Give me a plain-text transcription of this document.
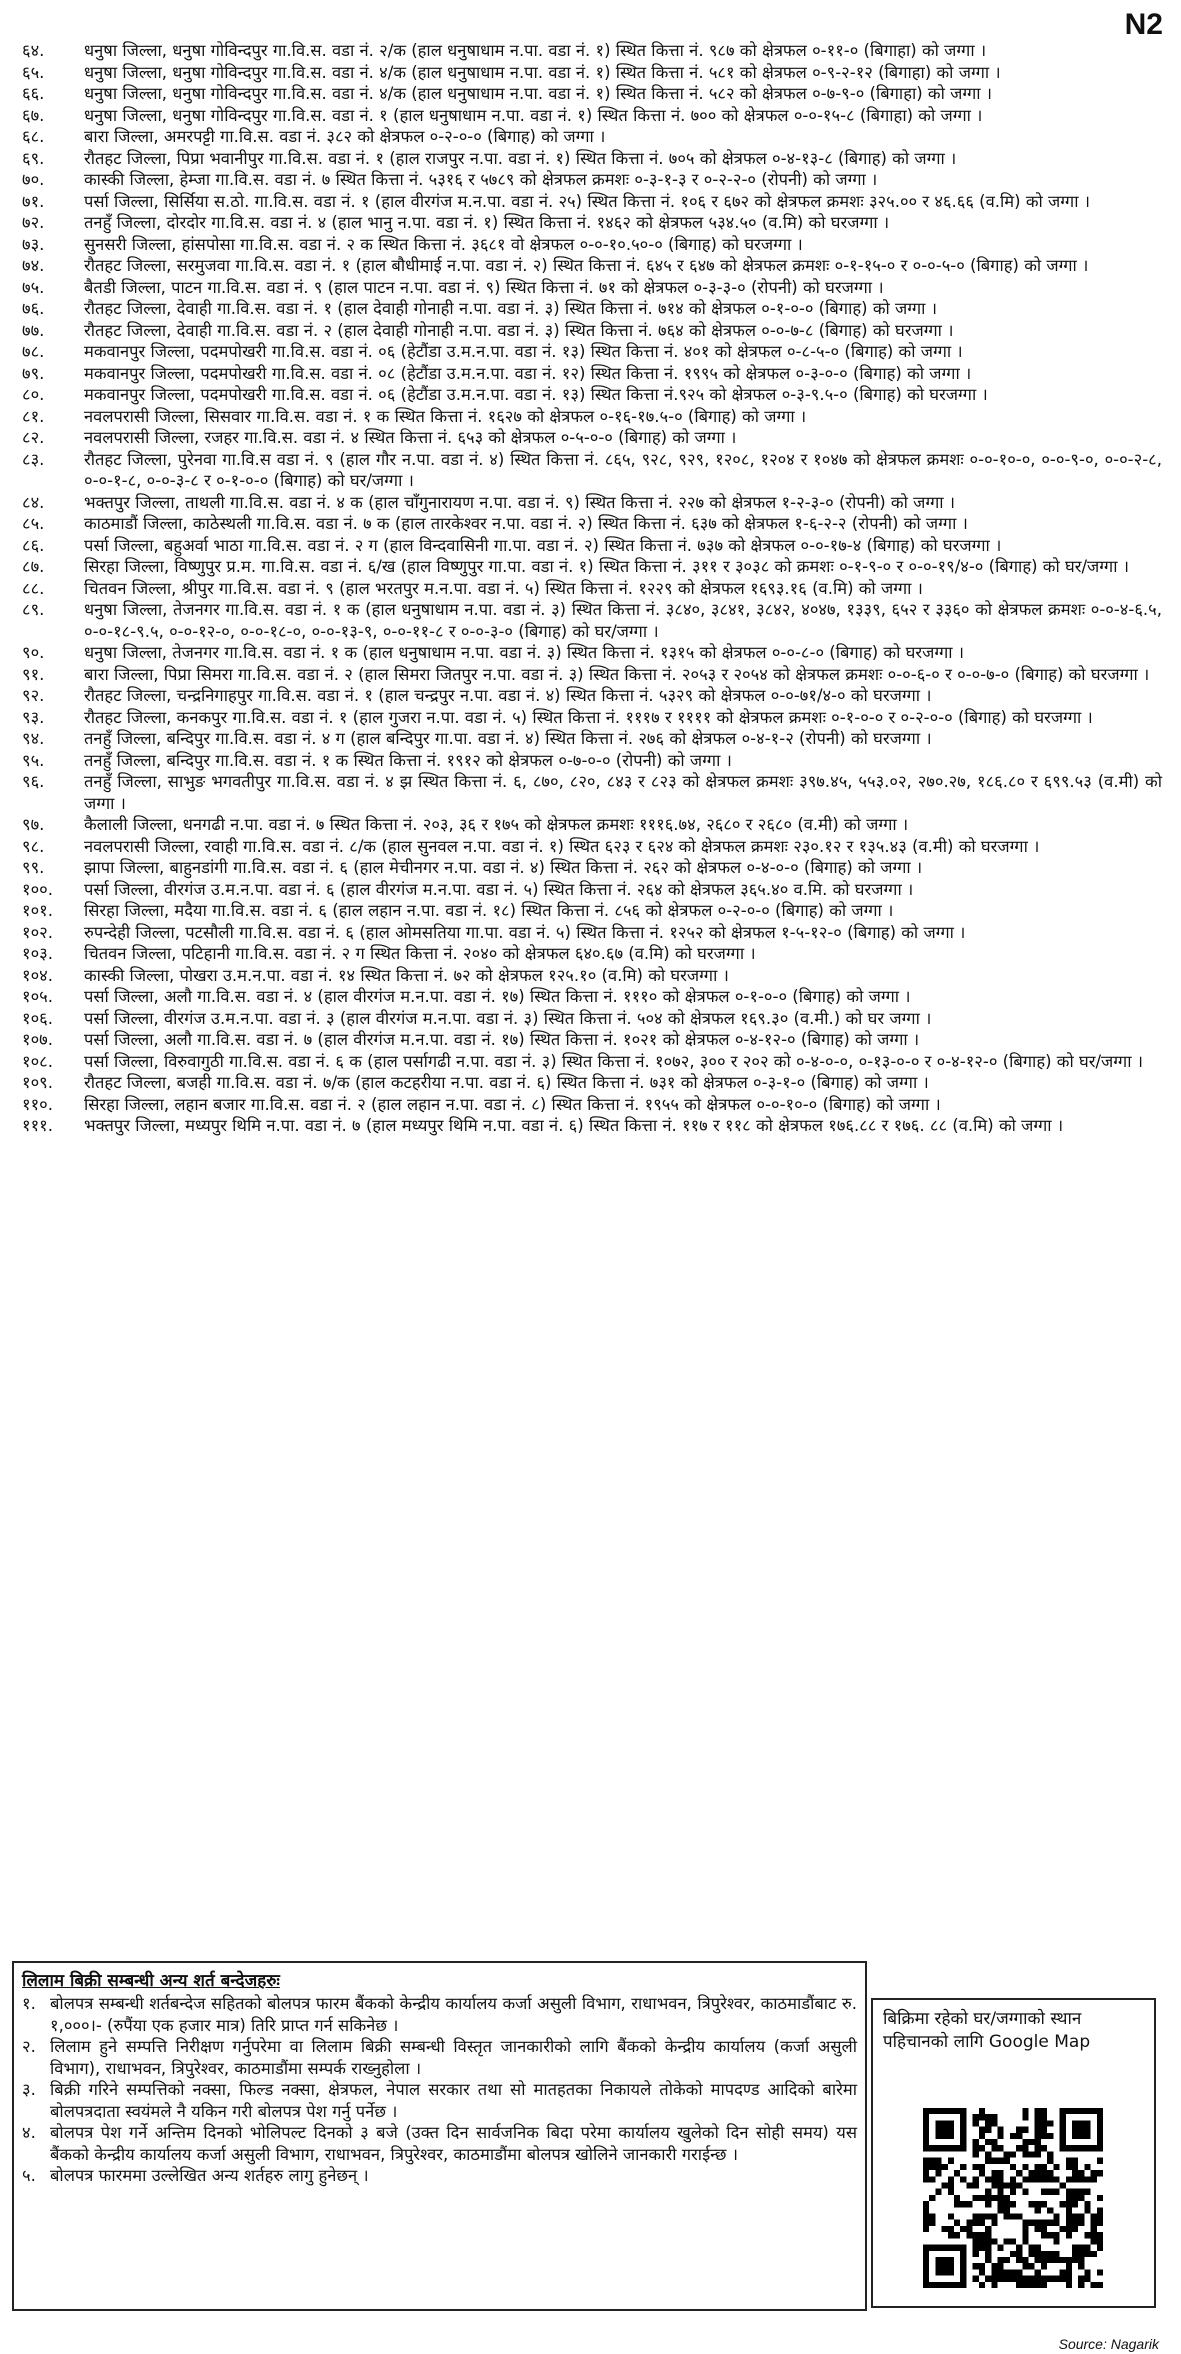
N2
६४.	धनुषा जिल्ला, धनुषा गोविन्दपुर गा.वि.स. वडा नं. २/क (हाल धनुषाधाम न.पा. वडा नं. १) स्थित कित्ता नं. ९८७ को क्षेत्रफल ०-११-० (बिगाहा) को जग्गा ।
६५.	धनुषा जिल्ला, धनुषा गोविन्दपुर गा.वि.स. वडा नं. ४/क (हाल धनुषाधाम न.पा. वडा नं. १) स्थित कित्ता नं. ५८१ को क्षेत्रफल ०-९-२-१२ (बिगाहा) को जग्गा ।
६६.	धनुषा जिल्ला, धनुषा गोविन्दपुर गा.वि.स. वडा नं. ४/क (हाल धनुषाधाम न.पा. वडा नं. १) स्थित कित्ता नं. ५८२ को क्षेत्रफल ०-७-९-० (बिगाहा) को जग्गा ।
६७.	धनुषा जिल्ला, धनुषा गोविन्दपुर गा.वि.स. वडा नं. १ (हाल धनुषाधाम न.पा. वडा नं. १) स्थित कित्ता नं. ७०० को क्षेत्रफल ०-०-१५-८ (बिगाहा) को जग्गा ।
६८.	बारा जिल्ला, अमरपट्टी गा.वि.स. वडा नं. ३८२ को क्षेत्रफल ०-२-०-० (बिगाह) को जग्गा ।
६९.	रौतहट जिल्ला, पिप्रा भवानीपुर गा.वि.स. वडा नं. १ (हाल राजपुर न.पा. वडा नं. १) स्थित कित्ता नं. ७०५ को क्षेत्रफल ०-४-१३-८ (बिगाह) को जग्गा ।
७०.	कास्की जिल्ला, हेम्जा गा.वि.स. वडा नं. ७ स्थित कित्ता नं. ५३१६ र ५७८९ को क्षेत्रफल क्रमशः ०-३-१-३ र ०-२-२-० (रोपनी) को जग्गा ।
७१.	पर्सा जिल्ला, सिर्सिया स.ठो. गा.वि.स. वडा नं. १ (हाल वीरगंज म.न.पा. वडा नं. २५) स्थित कित्ता नं. १०६ र ६७२ को क्षेत्रफल क्रमशः ३२५.०० र ४६.६६ (व.मि) को जग्गा ।
७२.	तनहुँ जिल्ला, दोरदोर गा.वि.स. वडा नं. ४ (हाल भानु न.पा. वडा नं. १) स्थित कित्ता नं. १४६२ को क्षेत्रफल ५३४.५० (व.मि) को घरजग्गा ।
७३.	सुनसरी जिल्ला, हांसपोसा गा.वि.स. वडा नं. २ क स्थित कित्ता नं. ३६८१ वो क्षेत्रफल ०-०-१०.५०-० (बिगाह) को घरजग्गा ।
७४.	रौतहट जिल्ला, सरमुजवा गा.वि.स. वडा नं. १ (हाल बौधीमाई न.पा. वडा नं. २) स्थित कित्ता नं. ६४५ र ६४७ को क्षेत्रफल क्रमशः ०-१-१५-० र ०-०-५-० (बिगाह) को जग्गा ।
७५.	बैतडी जिल्ला, पाटन गा.वि.स. वडा नं. ९ (हाल पाटन न.पा. वडा नं. ९) स्थित कित्ता नं. ७१ को क्षेत्रफल ०-३-३-० (रोपनी) को घरजग्गा ।
७६.	रौतहट जिल्ला, देवाही गा.वि.स. वडा नं. १ (हाल देवाही गोनाही न.पा. वडा नं. ३) स्थित कित्ता नं. ७१४ को क्षेत्रफल ०-१-०-० (बिगाह) को जग्गा ।
७७.	रौतहट जिल्ला, देवाही गा.वि.स. वडा नं. २ (हाल देवाही गोनाही न.पा. वडा नं. ३) स्थित कित्ता नं. ७६४ को क्षेत्रफल ०-०-७-८ (बिगाह) को घरजग्गा ।
७८.	मकवानपुर जिल्ला, पदमपोखरी गा.वि.स. वडा नं. ०६ (हेटौंडा उ.म.न.पा. वडा नं. १३) स्थित कित्ता नं. ४०१ को क्षेत्रफल ०-८-५-० (बिगाह) को जग्गा ।
७९.	मकवानपुर जिल्ला, पदमपोखरी गा.वि.स. वडा नं. ०८ (हेटौंडा उ.म.न.पा. वडा नं. १२) स्थित कित्ता नं. १९९५ को क्षेत्रफल ०-३-०-० (बिगाह) को जग्गा ।
८०.	मकवानपुर जिल्ला, पदमपोखरी गा.वि.स. वडा नं. ०६ (हेटौंडा उ.म.न.पा. वडा नं. १३) स्थित कित्ता नं.९२५ को क्षेत्रफल ०-३-९.५-० (बिगाह) को घरजग्गा ।
८१.	नवलपरासी जिल्ला, सिसवार गा.वि.स. वडा नं. १ क स्थित कित्ता नं. १६२७ को क्षेत्रफल ०-१६-१७.५-० (बिगाह) को जग्गा ।
८२.	नवलपरासी जिल्ला, रजहर गा.वि.स. वडा नं. ४ स्थित कित्ता नं. ६५३ को क्षेत्रफल ०-५-०-० (बिगाह) को जग्गा ।
८३.	रौतहट जिल्ला, पुरेनवा गा.वि.स वडा नं. ९ (हाल गौर न.पा. वडा नं. ४) स्थित कित्ता नं. ८६५, ९२८, ९२९, १२०८, १२०४ र १०४७ को क्षेत्रफल क्रमशः ०-०-१०-०, ०-०-९-०, ०-०-२-८, ०-०-१-८, ०-०-३-८ र ०-१-०-० (बिगाह) को घर/जग्गा ।
८४.	भक्तपुर जिल्ला, ताथली गा.वि.स. वडा नं. ४ क (हाल चाँगुनारायण न.पा. वडा नं. ९) स्थित कित्ता नं. २२७ को क्षेत्रफल १-२-३-० (रोपनी) को जग्गा ।
८५.	काठमाडौं जिल्ला, काठेस्थली गा.वि.स. वडा नं. ७ क (हाल तारकेश्वर न.पा. वडा नं. २) स्थित कित्ता नं. ६३७ को क्षेत्रफल १-६-२-२ (रोपनी) को जग्गा ।
८६.	पर्सा जिल्ला, बहुअर्वा भाठा गा.वि.स. वडा नं. २ ग (हाल विन्दवासिनी गा.पा. वडा नं. २) स्थित कित्ता नं. ७३७ को क्षेत्रफल ०-०-१७-४ (बिगाह) को घरजग्गा ।
८७.	सिरहा जिल्ला, विष्णुपुर प्र.म. गा.वि.स. वडा नं. ६/ख (हाल विष्णुपुर गा.पा. वडा नं. १) स्थित कित्ता नं. ३११ र ३०३८ को क्रमशः ०-१-९-० र ०-०-१९/४-० (बिगाह) को घर/जग्गा ।
८८.	चितवन जिल्ला, श्रीपुर गा.वि.स. वडा नं. ९ (हाल भरतपुर म.न.पा. वडा नं. ५) स्थित कित्ता नं. १२२९ को क्षेत्रफल १६९३.१६ (व.मि) को जग्गा ।
८९.	धनुषा जिल्ला, तेजनगर गा.वि.स. वडा नं. १ क (हाल धनुषाधाम न.पा. वडा नं. ३) स्थित कित्ता नं. ३८४०, ३८४१, ३८४२, ४०४७, १३३९, ६५२ र ३३६० को क्षेत्रफल क्रमशः ०-०-४-६.५, ०-०-१८-९.५, ०-०-१२-०, ०-०-१८-०, ०-०-१३-९, ०-०-११-८ र ०-०-३-० (बिगाह) को घर/जग्गा ।
९०.	धनुषा जिल्ला, तेजनगर गा.वि.स. वडा नं. १ क (हाल धनुषाधाम न.पा. वडा नं. ३) स्थित कित्ता नं. १३१५ को क्षेत्रफल ०-०-८-० (बिगाह) को घरजग्गा ।
९१.	बारा जिल्ला, पिप्रा सिमरा गा.वि.स. वडा नं. २ (हाल सिमरा जितपुर न.पा. वडा नं. ३) स्थित कित्ता नं. २०५३ र २०५४ को क्षेत्रफल क्रमशः ०-०-६-० र ०-०-७-० (बिगाह) को घरजग्गा ।
९२.	रौतहट जिल्ला, चन्द्रनिगाहपुर गा.वि.स. वडा नं. १ (हाल चन्द्रपुर न.पा. वडा नं. ४) स्थित कित्ता नं. ५३२९ को क्षेत्रफल ०-०-७१/४-० को घरजग्गा ।
९३.	रौतहट जिल्ला, कनकपुर गा.वि.स. वडा नं. १ (हाल गुजरा न.पा. वडा नं. ५) स्थित कित्ता नं. १११७ र ११११ को क्षेत्रफल क्रमशः ०-१-०-० र ०-२-०-० (बिगाह) को घरजग्गा ।
९४.	तनहुँ जिल्ला, बन्दिपुर गा.वि.स. वडा नं. ४ ग (हाल बन्दिपुर गा.पा. वडा नं. ४) स्थित कित्ता नं. २७६ को क्षेत्रफल ०-४-१-२ (रोपनी) को घरजग्गा ।
९५.	तनहुँ जिल्ला, बन्दिपुर गा.वि.स. वडा नं. १ क स्थित कित्ता नं. १९१२ को क्षेत्रफल ०-७-०-० (रोपनी) को जग्गा ।
९६.	तनहुँ जिल्ला, साभुङ भगवतीपुर गा.वि.स. वडा नं. ४ झ स्थित कित्ता नं. ६, ८७०, ८२०, ८४३ र ८२३ को क्षेत्रफल क्रमशः ३९७.४५, ५५३.०२, २७०.२७, १८६.८० र ६९९.५३ (व.मी) को जग्गा ।
९७.	कैलाली जिल्ला, धनगढी न.पा. वडा नं. ७ स्थित कित्ता नं. २०३, ३६ र १७५ को क्षेत्रफल क्रमशः १११६.७४, २६८० र २६८० (व.मी) को जग्गा ।
९८.	नवलपरासी जिल्ला, रवाही गा.वि.स. वडा नं. ८/क (हाल सुनवल न.पा. वडा नं. १) स्थित ६२३ र ६२४ को क्षेत्रफल क्रमशः २३०.१२ र १३५.४३ (व.मी) को घरजग्गा ।
९९.	झापा जिल्ला, बाहुनडांगी गा.वि.स. वडा नं. ६ (हाल मेचीनगर न.पा. वडा नं. ४) स्थित कित्ता नं. २६२ को क्षेत्रफल ०-४-०-० (बिगाह) को जग्गा ।
१००.	पर्सा जिल्ला, वीरगंज उ.म.न.पा. वडा नं. ६ (हाल वीरगंज म.न.पा. वडा नं. ५) स्थित कित्ता नं. २६४ को क्षेत्रफल ३६५.४० व.मि. को घरजग्गा ।
१०१.	सिरहा जिल्ला, मदैया गा.वि.स. वडा नं. ६ (हाल लहान न.पा. वडा नं. १८) स्थित कित्ता नं. ८५६ को क्षेत्रफल ०-२-०-० (बिगाह) को जग्गा ।
१०२.	रुपन्देही जिल्ला, पटसौली गा.वि.स. वडा नं. ६ (हाल ओमसतिया गा.पा. वडा नं. ५) स्थित कित्ता नं. १२५२ को क्षेत्रफल १-५-१२-० (बिगाह) को जग्गा ।
१०३.	चितवन जिल्ला, पटिहानी गा.वि.स. वडा नं. २ ग स्थित कित्ता नं. २०४० को क्षेत्रफल ६४०.६७ (व.मि) को घरजग्गा ।
१०४.	कास्की जिल्ला, पोखरा उ.म.न.पा. वडा नं. १४ स्थित कित्ता नं. ७२ को क्षेत्रफल १२५.१० (व.मि) को घरजग्गा ।
१०५.	पर्सा जिल्ला, अलौ गा.वि.स. वडा नं. ४ (हाल वीरगंज म.न.पा. वडा नं. १७) स्थित कित्ता नं. १११० को क्षेत्रफल ०-१-०-० (बिगाह) को जग्गा ।
१०६.	पर्सा जिल्ला, वीरगंज उ.म.न.पा. वडा नं. ३ (हाल वीरगंज म.न.पा. वडा नं. ३) स्थित कित्ता नं. ५०४ को क्षेत्रफल १६९.३० (व.मी.) को घर जग्गा ।
१०७.	पर्सा जिल्ला, अलौ गा.वि.स. वडा नं. ७ (हाल वीरगंज म.न.पा. वडा नं. १७) स्थित कित्ता नं. १०२१ को क्षेत्रफल ०-४-१२-० (बिगाह) को जग्गा ।
१०८.	पर्सा जिल्ला, विरुवागुठी गा.वि.स. वडा नं. ६ क (हाल पर्सागढी न.पा. वडा नं. ३) स्थित कित्ता नं. १०७२, ३०० र २०२ को ०-४-०-०, ०-१३-०-० र ०-४-१२-० (बिगाह) को घर/जग्गा ।
१०९.	रौतहट जिल्ला, बजही गा.वि.स. वडा नं. ७/क (हाल कटहरीया न.पा. वडा नं. ६) स्थित कित्ता नं. ७३१ को क्षेत्रफल ०-३-१-० (बिगाह) को जग्गा ।
११०.	सिरहा जिल्ला, लहान बजार गा.वि.स. वडा नं. २ (हाल लहान न.पा. वडा नं. ८) स्थित कित्ता नं. १९५५ को क्षेत्रफल ०-०-१०-० (बिगाह) को जग्गा ।
१११.	भक्तपुर जिल्ला, मध्यपुर थिमि न.पा. वडा नं. ७ (हाल मध्यपुर थिमि न.पा. वडा नं. ६) स्थित कित्ता नं. ११७ र ११८ को क्षेत्रफल १७६.८८ र १७६. ८८ (व.मि) को जग्गा ।
लिलाम बिक्री सम्बन्धी अन्य शर्त बन्देजहरुः
१. बोलपत्र सम्बन्धी शर्तबन्देज सहितको बोलपत्र फारम बैंकको केन्द्रीय कार्यालय कर्जा असुली विभाग, राधाभवन, त्रिपुरेश्वर, काठमाडौंबाट रु. १,०००।- (रुपैंया एक हजार मात्र) तिरि प्राप्त गर्न सकिनेछ ।
२. लिलाम हुने सम्पत्ति निरीक्षण गर्नुपरेमा वा लिलाम बिक्री सम्बन्धी विस्तृत जानकारीको लागि बैंकको केन्द्रीय कार्यालय (कर्जा असुली विभाग), राधाभवन, त्रिपुरेश्वर, काठमाडौंमा सम्पर्क राख्नुहोला ।
३. बिक्री गरिने सम्पत्तिको नक्सा, फिल्ड नक्सा, क्षेत्रफल, नेपाल सरकार तथा सो मातहतका निकायले तोकेको मापदण्ड आदिको बारेमा बोलपत्रदाता स्वयंमले नै यकिन गरी बोलपत्र पेश गर्नु पर्नेछ ।
४. बोलपत्र पेश गर्ने अन्तिम दिनको भोलिपल्ट दिनको ३ बजे (उक्त दिन सार्वजनिक बिदा परेमा कार्यालय खुलेको दिन सोही समय) यस बैंकको केन्द्रीय कार्यालय कर्जा असुली विभाग, राधाभवन, त्रिपुरेश्वर, काठमाडौंमा बोलपत्र खोलिने जानकारी गराईन्छ ।
५. बोलपत्र फारममा उल्लेखित अन्य शर्तहरु लागु हुनेछन् ।
बिक्रिमा रहेको घर/जग्गाको स्थान पहिचानको लागि Google Map
Source: Nagarik
